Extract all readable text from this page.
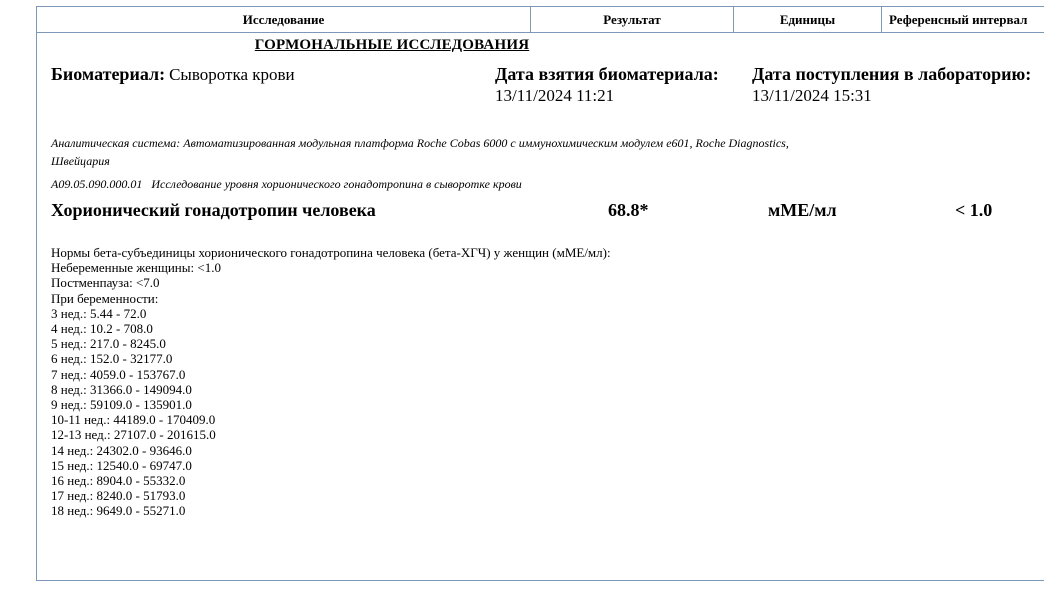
Исследование	Результат	Единицы	Референсный интервал
ГОРМОНАЛЬНЫЕ ИССЛЕДОВАНИЯ
Биоматериал: Сыворотка крови	Дата взятия биоматериала:
13/11/2024 11:21
Дата поступления в лабораторию:
13/11/2024 15:31
Аналитическая система: Автоматизированная модульная платформа Roche Cobas 6000 с иммунохимическим модулем e601, Roche Diagnostics,
Швейцария
A09.05.090.000.01 Исследование уровня хорионического гонадотропина в сыворотке крови
Хорионический гонадотропин человека	68.8*	мМЕ/мл	< 1.0
Нормы бета-субъединицы хорионического гонадотропина человека (бета-ХГЧ) у женщин (мМЕ/мл):
Небеременные женщины: <1.0
Постменпауза: <7.0
При беременности:
3 нед.: 5.44 - 72.0
4 нед.: 10.2 - 708.0
5 нед.: 217.0 - 8245.0
6 нед.: 152.0 - 32177.0
7 нед.: 4059.0 - 153767.0
8 нед.: 31366.0 - 149094.0
9 нед.: 59109.0 - 135901.0
10-11 нед.: 44189.0 - 170409.0
12-13 нед.: 27107.0 - 201615.0
14 нед.: 24302.0 - 93646.0
15 нед.: 12540.0 - 69747.0
16 нед.: 8904.0 - 55332.0
17 нед.: 8240.0 - 51793.0
18 нед.: 9649.0 - 55271.0
